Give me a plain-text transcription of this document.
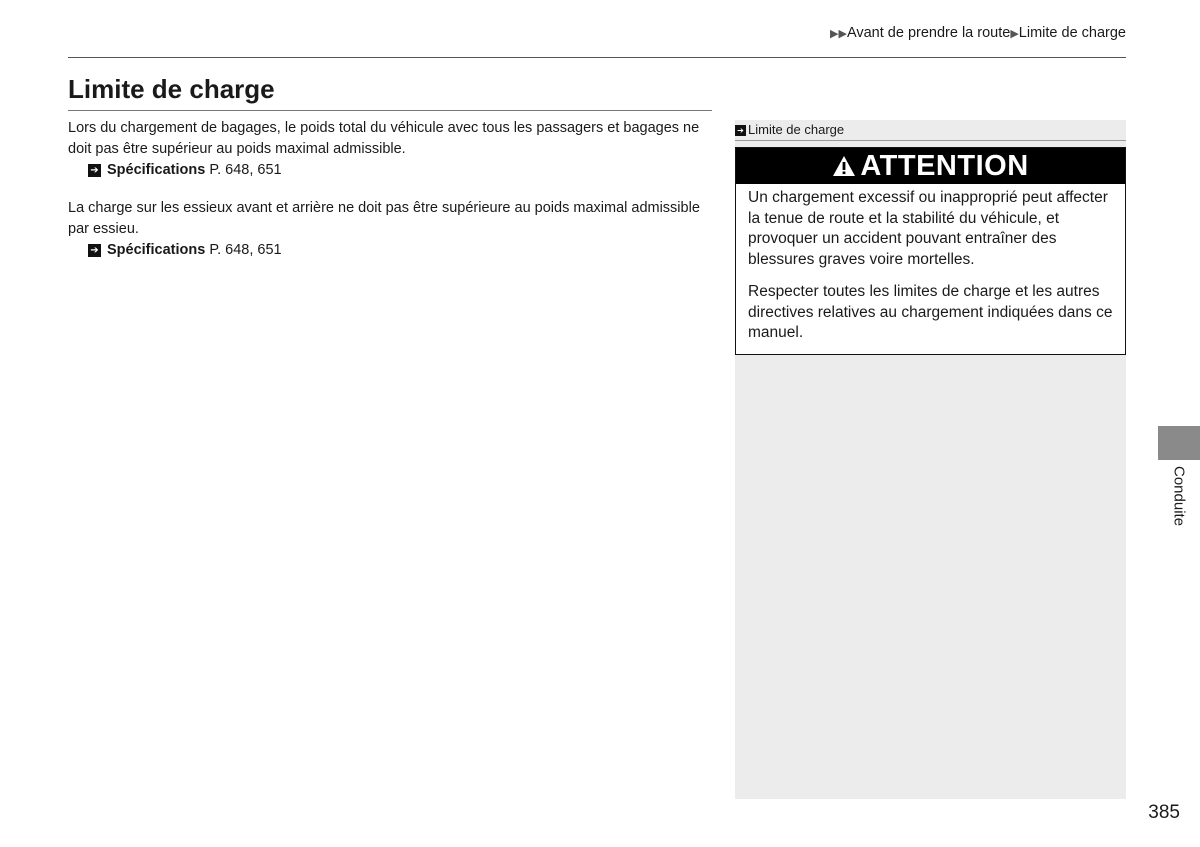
▶▶Avant de prendre la route▶Limite de charge
Limite de charge

Lors du chargement de bagages, le poids total du véhicule avec tous les passagers et bagages ne doit pas être supérieur au poids maximal admissible.

➔ Spécifications P. 648, 651

La charge sur les essieux avant et arrière ne doit pas être supérieure au poids maximal admissible par essieu.

➔ Spécifications P. 648, 651
➔ Limite de charge
ATTENTION

Un chargement excessif ou inapproprié peut affecter la tenue de route et la stabilité du véhicule, et provoquer un accident pouvant entraîner des blessures graves voire mortelles.

Respecter toutes les limites de charge et les autres directives relatives au chargement indiquées dans ce manuel.

Conduite
385
